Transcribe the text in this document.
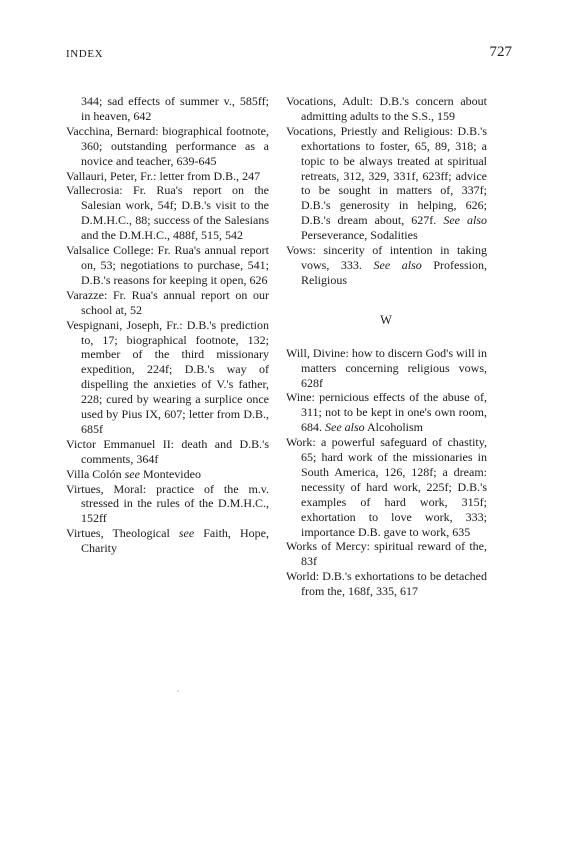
INDEX	727
344; sad effects of summer v., 585ff; in heaven, 642
Vacchina, Bernard: biographical footnote, 360; outstanding performance as a novice and teacher, 639-645
Vallauri, Peter, Fr.: letter from D.B., 247
Vallecrosia: Fr. Rua's report on the Salesian work, 54f; D.B.'s visit to the D.M.H.C., 88; success of the Salesians and the D.M.H.C., 488f, 515, 542
Valsalice College: Fr. Rua's annual report on, 53; negotiations to purchase, 541; D.B.'s reasons for keeping it open, 626
Varazze: Fr. Rua's annual report on our school at, 52
Vespignani, Joseph, Fr.: D.B.'s prediction to, 17; biographical footnote, 132; member of the third missionary expedition, 224f; D.B.'s way of dispelling the anxieties of V.'s father, 228; cured by wearing a surplice once used by Pius IX, 607; letter from D.B., 685f
Victor Emmanuel II: death and D.B.'s comments, 364f
Villa Colón see Montevideo
Virtues, Moral: practice of the m.v. stressed in the rules of the D.M.H.C., 152ff
Virtues, Theological see Faith, Hope, Charity
Vocations, Adult: D.B.'s concern about admitting adults to the S.S., 159
Vocations, Priestly and Religious: D.B.'s exhortations to foster, 65, 89, 318; a topic to be always treated at spiritual retreats, 312, 329, 331f, 623ff; advice to be sought in matters of, 337f; D.B.'s generosity in helping, 626; D.B.'s dream about, 627f. See also Perseverance, Sodalities
Vows: sincerity of intention in taking vows, 333. See also Profession, Religious
W
Will, Divine: how to discern God's will in matters concerning religious vows, 628f
Wine: pernicious effects of the abuse of, 311; not to be kept in one's own room, 684. See also Alcoholism
Work: a powerful safeguard of chastity, 65; hard work of the missionaries in South America, 126, 128f; a dream: necessity of hard work, 225f; D.B.'s examples of hard work, 315f; exhortation to love work, 333; importance D.B. gave to work, 635
Works of Mercy: spiritual reward of the, 83f
World: D.B.'s exhortations to be detached from the, 168f, 335, 617
